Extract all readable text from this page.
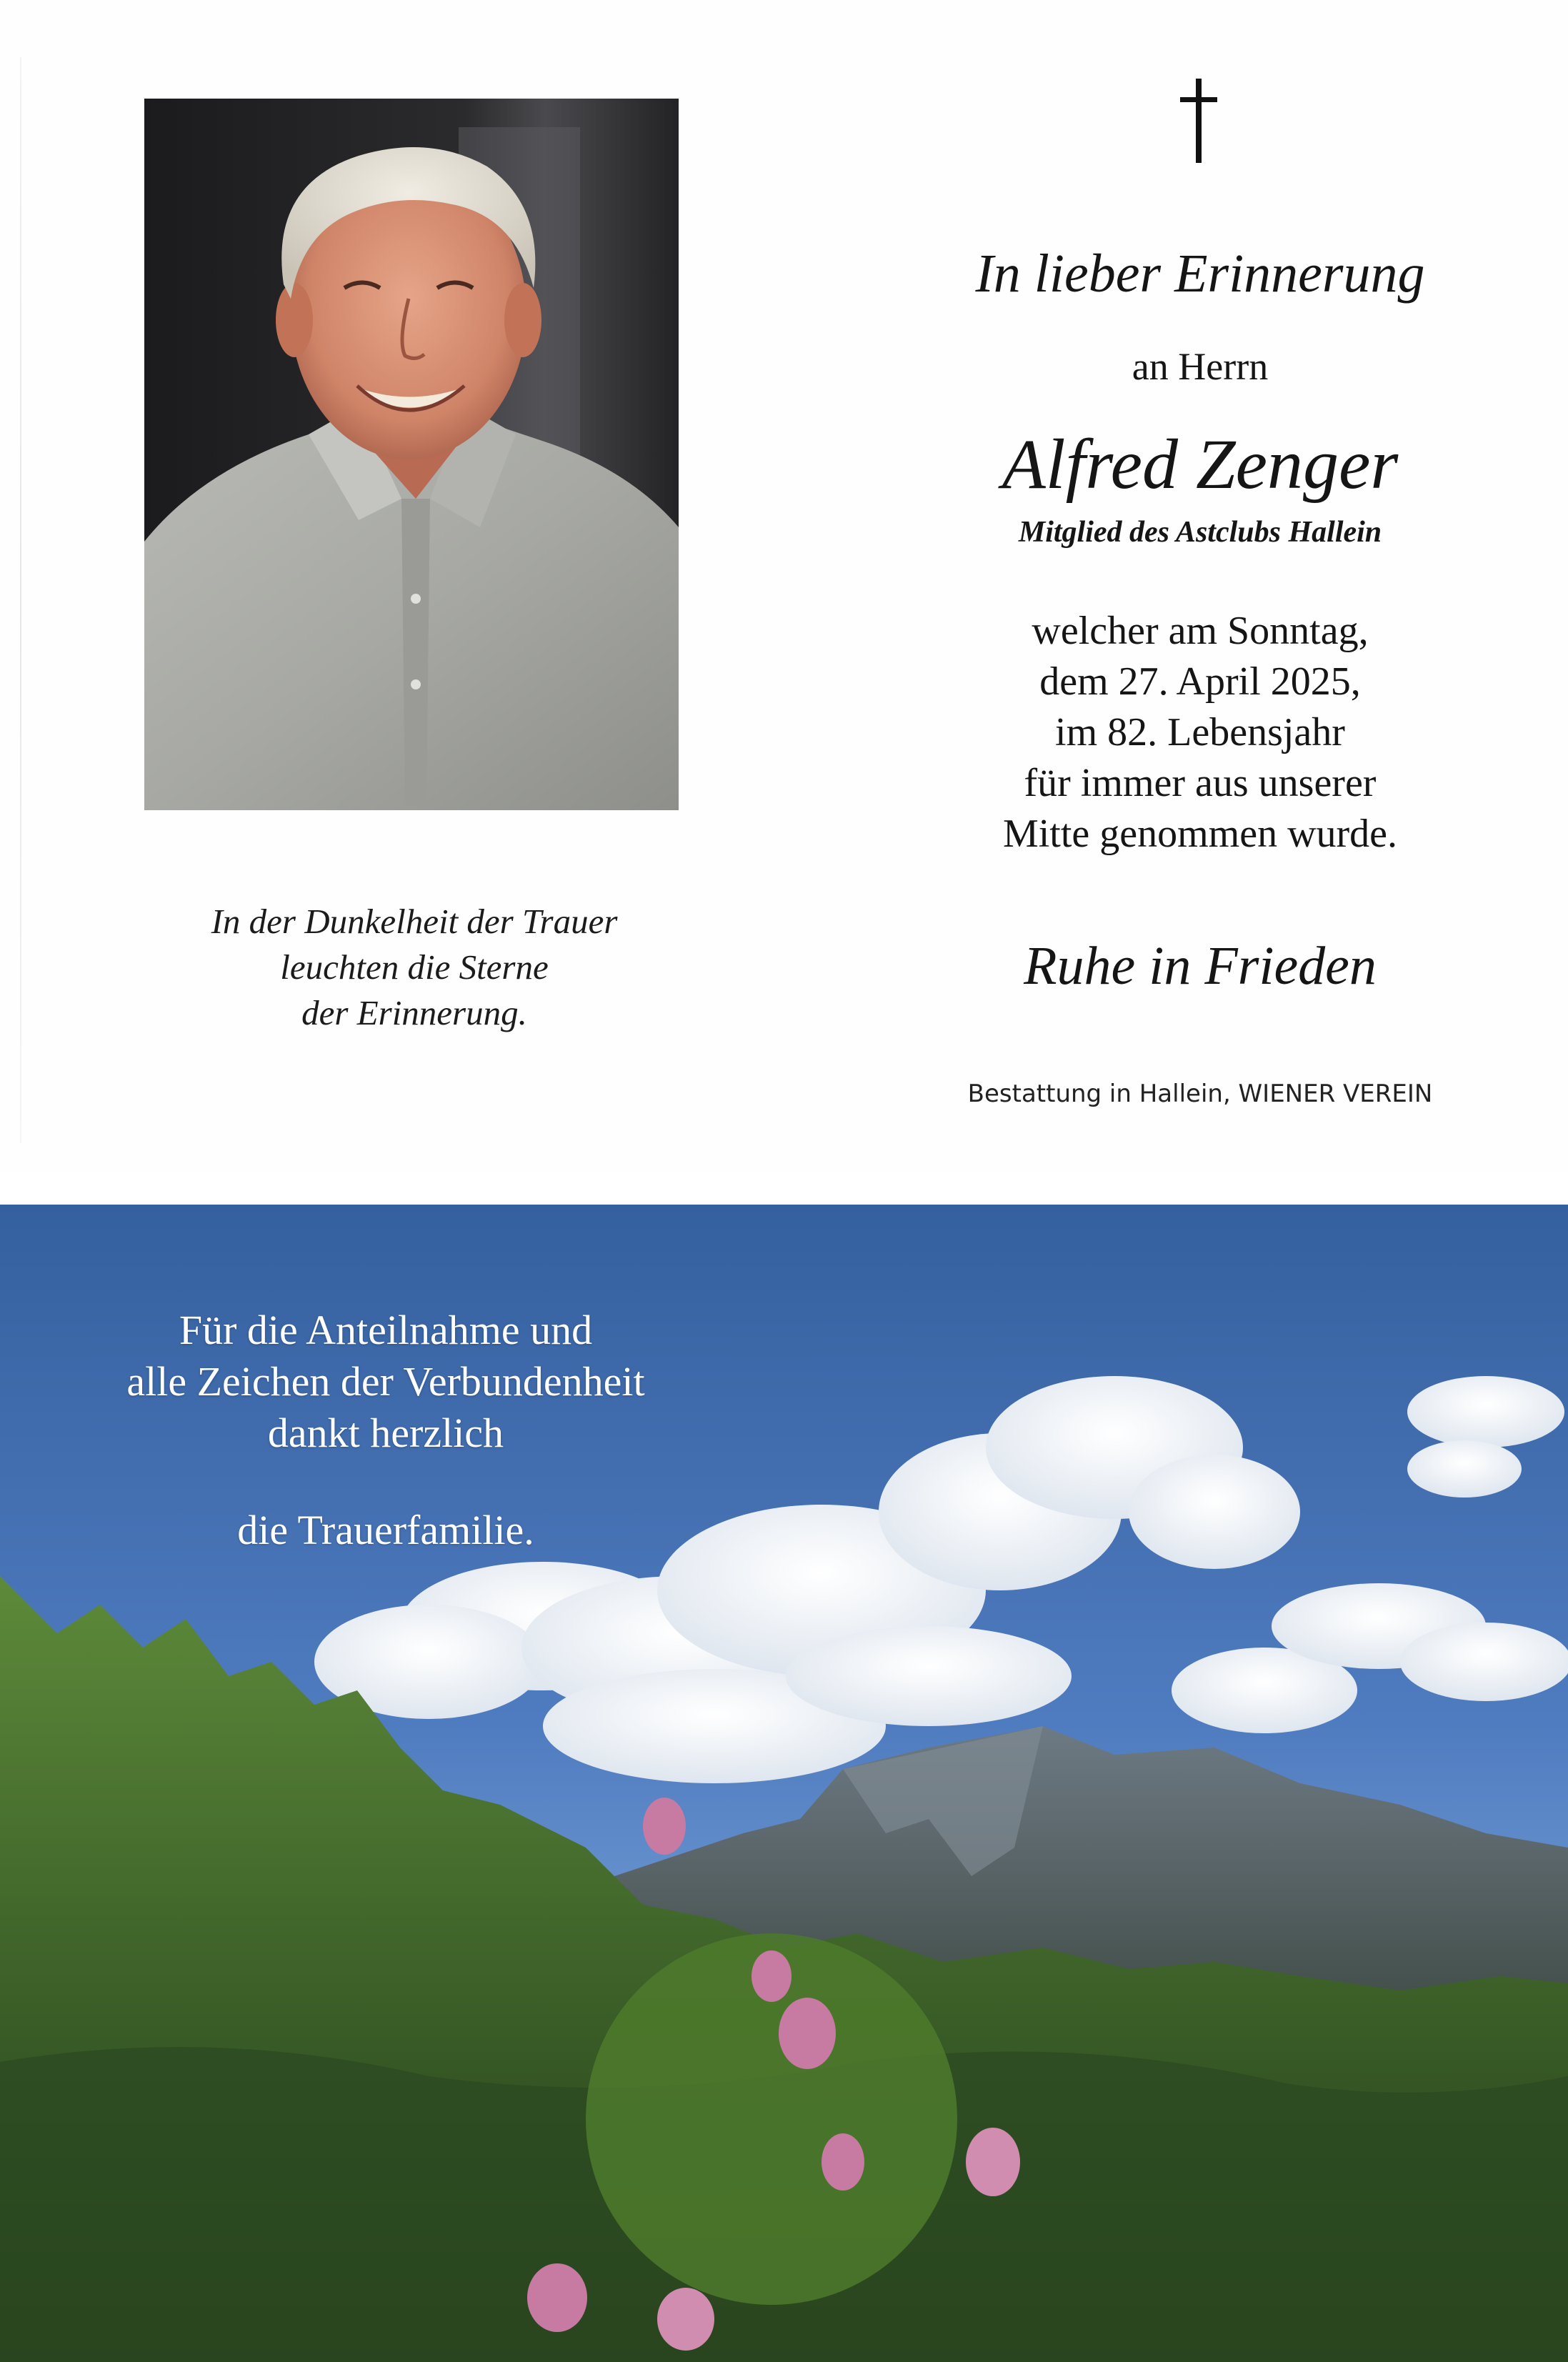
In der Dunkelheit der Trauer
leuchten die Sterne
der Erinnerung.
In lieber Erinnerung
an Herrn
Alfred Zenger
Mitglied des Astclubs Hallein
welcher am Sonntag,
dem 27. April 2025,
im 82. Lebensjahr
für immer aus unserer
Mitte genommen wurde.
Ruhe in Frieden
Bestattung in Hallein, WIENER VEREIN
Für die Anteilnahme und
alle Zeichen der Verbundenheit
dankt herzlich
die Trauerfamilie.
